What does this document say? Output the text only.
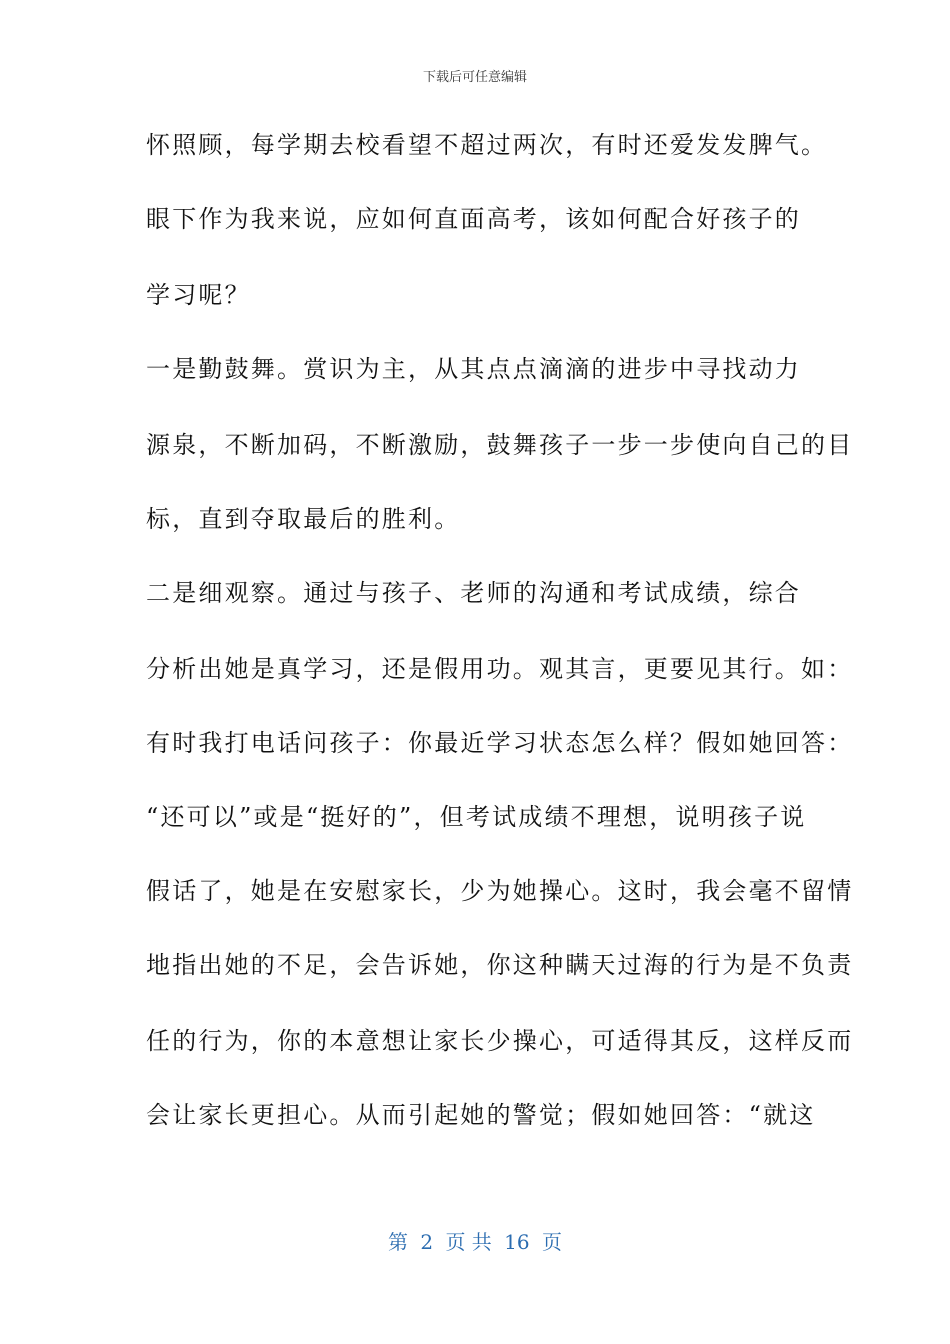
下载后可任意编辑
怀照顾，每学期去校看望不超过两次，有时还爱发发脾气。
眼下作为我来说，应如何直面高考，该如何配合好孩子的
学习呢？
一是勤鼓舞。赏识为主，从其点点滴滴的进步中寻找动力
源泉，不断加码，不断激励，鼓舞孩子一步一步使向自己的目
标，直到夺取最后的胜利。
二是细观察。通过与孩子、老师的沟通和考试成绩，综合
分析出她是真学习，还是假用功。观其言，更要见其行。如：
有时我打电话问孩子：你最近学习状态怎么样？假如她回答：
“还可以”或是“挺好的”，但考试成绩不理想，说明孩子说
假话了，她是在安慰家长，少为她操心。这时，我会毫不留情
地指出她的不足，会告诉她，你这种瞒天过海的行为是不负责
任的行为，你的本意想让家长少操心，可适得其反，这样反而
会让家长更担心。从而引起她的警觉；假如她回答：“就这
第 2 页 共 16 页
